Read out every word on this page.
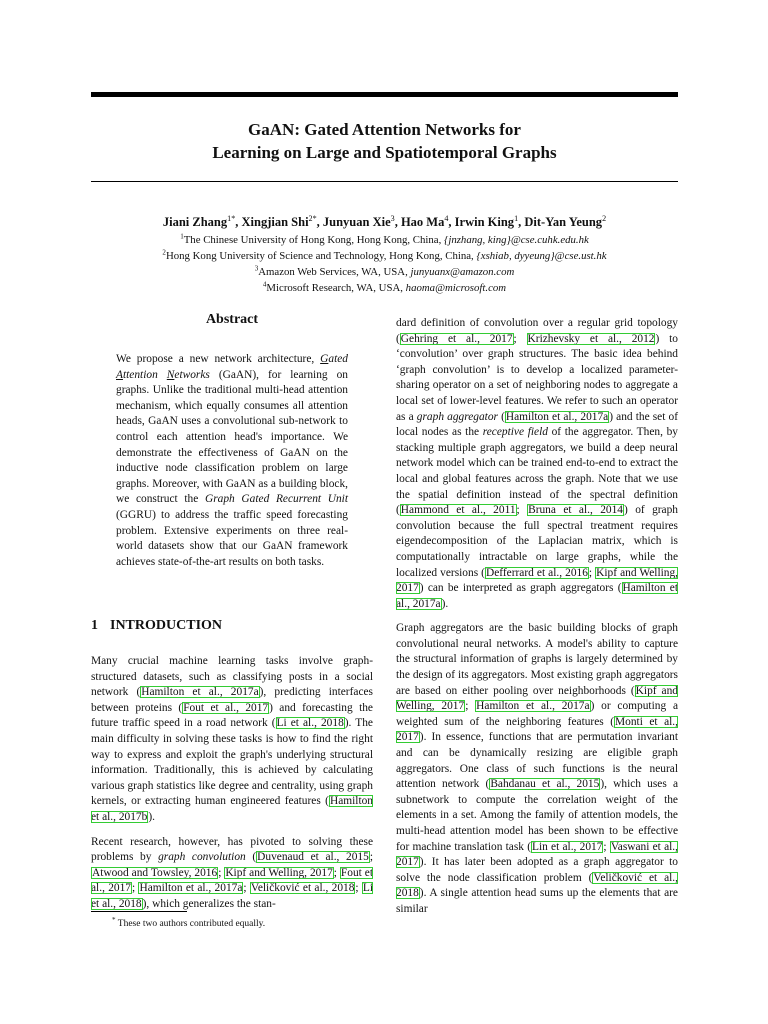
GaAN: Gated Attention Networks for
Learning on Large and Spatiotemporal Graphs
Jiani Zhang$^{1*}$, Xingjian Shi$^{2*}$, Junyuan Xie$^3$, Hao Ma$^4$, Irwin King$^1$, Dit-Yan Yeung$^2$
$^1$The Chinese University of Hong Kong, Hong Kong, China, {jnzhang, king}@cse.cuhk.edu.hk
$^2$Hong Kong University of Science and Technology, Hong Kong, China, {xshiab, dyyeung}@cse.ust.hk
$^3$Amazon Web Services, WA, USA, junyuanx@amazon.com
$^4$Microsoft Research, WA, USA, haoma@microsoft.com
Abstract
We propose a new network architecture, Gated Attention Networks (GaAN), for learning on graphs. Unlike the traditional multi-head attention mechanism, which equally consumes all attention heads, GaAN uses a convolutional sub-network to control each attention head's importance. We demonstrate the effectiveness of GaAN on the inductive node classification problem on large graphs. Moreover, with GaAN as a building block, we construct the Graph Gated Recurrent Unit (GGRU) to address the traffic speed forecasting problem. Extensive experiments on three real-world datasets show that our GaAN framework achieves state-of-the-art results on both tasks.
1 INTRODUCTION

Many crucial machine learning tasks involve graph-structured datasets, such as classifying posts in a social network (Hamilton et al., 2017a), predicting interfaces between proteins (Fout et al., 2017) and forecasting the future traffic speed in a road network (Li et al., 2018). The main difficulty in solving these tasks is how to find the right way to express and exploit the graph's underlying structural information. Traditionally, this is achieved by calculating various graph statistics like degree and centrality, using graph kernels, or extracting human engineered features (Hamilton et al., 2017b).

Recent research, however, has pivoted to solving these problems by graph convolution (Duvenaud et al., 2015; Atwood and Towsley, 2016; Kipf and Welling, 2017; Fout et al., 2017; Hamilton et al., 2017a; Veličković et al., 2018; Li et al., 2018), which generalizes the stan-

dard definition of convolution over a regular grid topology (Gehring et al., 2017; Krizhevsky et al., 2012) to ‘convolution’ over graph structures. The basic idea behind ‘graph convolution’ is to develop a localized parameter-sharing operator on a set of neighboring nodes to aggregate a local set of lower-level features. We refer to such an operator as a graph aggregator (Hamilton et al., 2017a) and the set of local nodes as the receptive field of the aggregator. Then, by stacking multiple graph aggregators, we build a deep neural network model which can be trained end-to-end to extract the local and global features across the graph. Note that we use the spatial definition instead of the spectral definition (Hammond et al., 2011; Bruna et al., 2014) of graph convolution because the full spectral treatment requires eigendecomposition of the Laplacian matrix, which is computationally intractable on large graphs, while the localized versions (Defferrard et al., 2016; Kipf and Welling, 2017) can be interpreted as graph aggregators (Hamilton et al., 2017a).

Graph aggregators are the basic building blocks of graph convolutional neural networks. A model's ability to capture the structural information of graphs is largely determined by the design of its aggregators. Most existing graph aggregators are based on either pooling over neighborhoods (Kipf and Welling, 2017; Hamilton et al., 2017a) or computing a weighted sum of the neighboring features (Monti et al., 2017). In essence, functions that are permutation invariant and can be dynamically resizing are eligible graph aggregators. One class of such functions is the neural attention network (Bahdanau et al., 2015), which uses a subnetwork to compute the correlation weight of the elements in a set. Among the family of attention models, the multi-head attention model has been shown to be effective for machine translation task (Lin et al., 2017; Vaswani et al., 2017). It has later been adopted as a graph aggregator to solve the node classification problem (Veličković et al., 2018). A single attention head sums up the elements that are similar

* These two authors contributed equally.
